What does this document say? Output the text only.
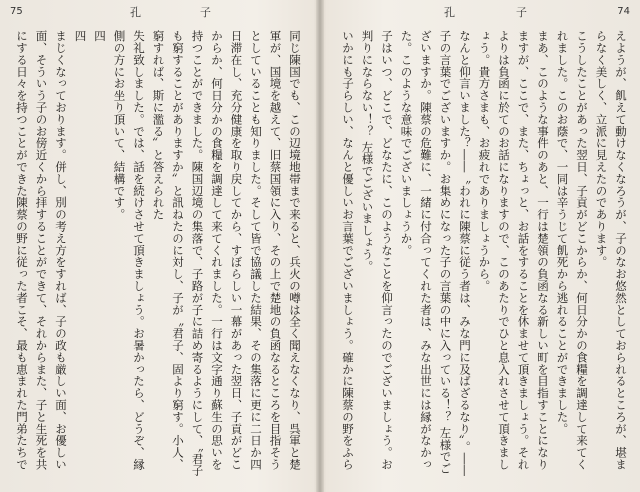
75	孔	子

同じ陳国でも、この辺境地帯まで来ると、兵火の噂は全く聞えなくなり、呉軍と楚軍が、国境を越えて、旧蔡国領に入り、その上で楚地の負函なるところを目指そうとしていることも知りました。そして皆で協議した結果、その集落に更に二日か四日滞在し、充分健康を取り戻してから、すぼらしい一幕があった翌日、子貢がどこからか、何日分かの食糧を調達して来てくれました。一行は文字通り蘇生の思いを持つことができました。陳国辺境の集落で、子路が子に詰め寄るようにして、〝君子も窮することがありますか〟と訊ねたのに対し、子が〝君子、固より窮す。小人、窮すれば、斯に濫る〟と答えられた

失礼致しました。では、話を続けさせて頂きましょう。お暑かったら、どうぞ、縁側の方にお坐り頂いて、結構です。

四

四

まじくなっております。併し、別の考え方をすれば、子の政も厳しい面、お優しい面、そういう子のお傍近くから拝することができて、それからまた、子と生死を共にする日々を持つことができた陳蔡の野に従った者こそ、最も恵まれた門弟たちで

74
孔	子

えようが、飢えて動けなくなろうが、子のなお悠然としておられるところが、堪まらなく美しく、立派に見えたのであります。

こうしたことがあった翌日、子貢がどこからか、何日分かの食糧を調達して来てくれました。このお蔭で、一同は辛うじて飢死から逃れることができました。

まあ、このような事件のあと、一行は楚領の負函なる新しい町を目指すことになりますが、ここで、また、ちょっと、お話をすることを休ませて頂きましょう。それよりは負函に於てのお話になりますので、このあたりでひと息入れさせて頂きましょう。貴方さまも、お疲れでありましょうから。

なんと仰言いました？――〝われに陳蔡に従う者は、みな門に及ばざるなり〟。――子の言葉でございますか。お集めになった子の言葉の中に入っている！？ 左様でございますか。陳蔡の危難に、一緒に付合ってくれた者は、みな出世には縁がなかった。このような意味でございましょうか。

子はいつ、どこで、どなたに、このようなことを仰言ったのでございましょう。お判りにならない！？ 左様でございましょう。

いかにも子らしい、なんと優しいお言葉でございましょう。確かに陳蔡の野をふら
